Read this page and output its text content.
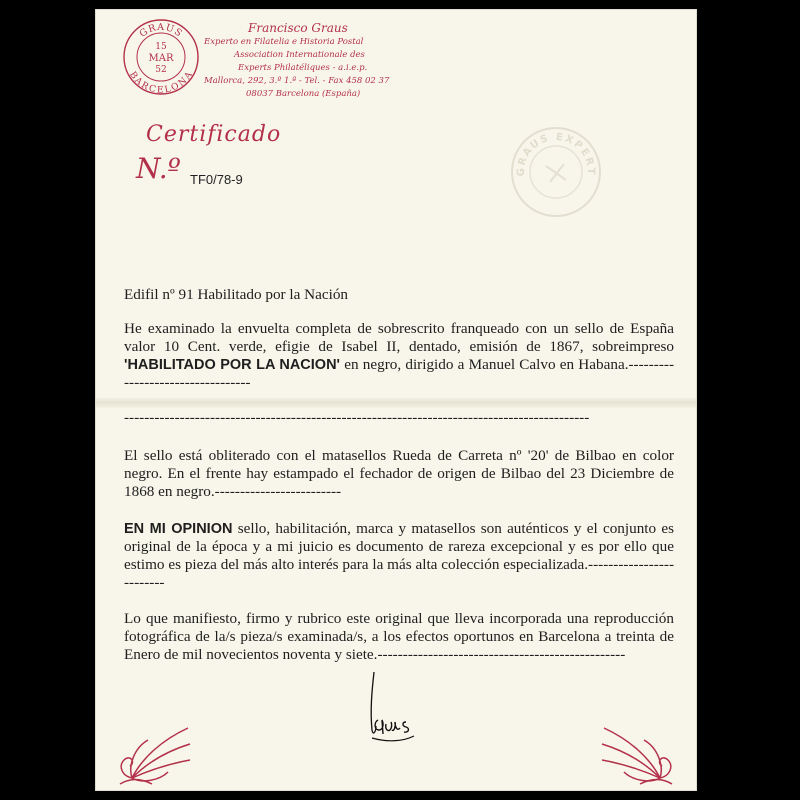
GRAUS
BARCELONA
15
MAR
52
Francisco Graus
Experto en Filatelia e Historia Postal
Association Internationale des
Experts Philatéliques - a.i.e.p.
Mallorca, 292, 3.º 1.ª - Tel. - Fax 458 02 37
08037 Barcelona (España)
Certificado
N.º TF0/78-9
GRAUS EXPERT
Edifil nº 91 Habilitado por la Nación
He examinado la envuelta completa de sobrescrito franqueado con un sello de España valor 10 Cent. verde, efigie de Isabel II, dentado, emisión de 1867, sobreimpreso 'HABILITADO POR LA NACION' en negro, dirigido a Manuel Calvo en Habana.----------------------------------
--------------------------------------------------------------------------------------------
El sello está obliterado con el matasellos Rueda de Carreta nº '20' de Bilbao en color negro. En el frente hay estampado el fechador de origen de Bilbao del 23 Diciembre de 1868 en negro.-------------------------
EN MI OPINION sello, habilitación, marca y matasellos son auténticos y el conjunto es original de la época y a mi juicio es documento de rareza excepcional y es por ello que estimo es pieza del más alto interés para la más alta colección especializada.-------------------------
Lo que manifiesto, firmo y rubrico este original que lleva incorporada una reproducción fotográfica de la/s pieza/s examinada/s, a los efectos oportunos en Barcelona a treinta de Enero de mil novecientos noventa y siete.-------------------------------------------------
